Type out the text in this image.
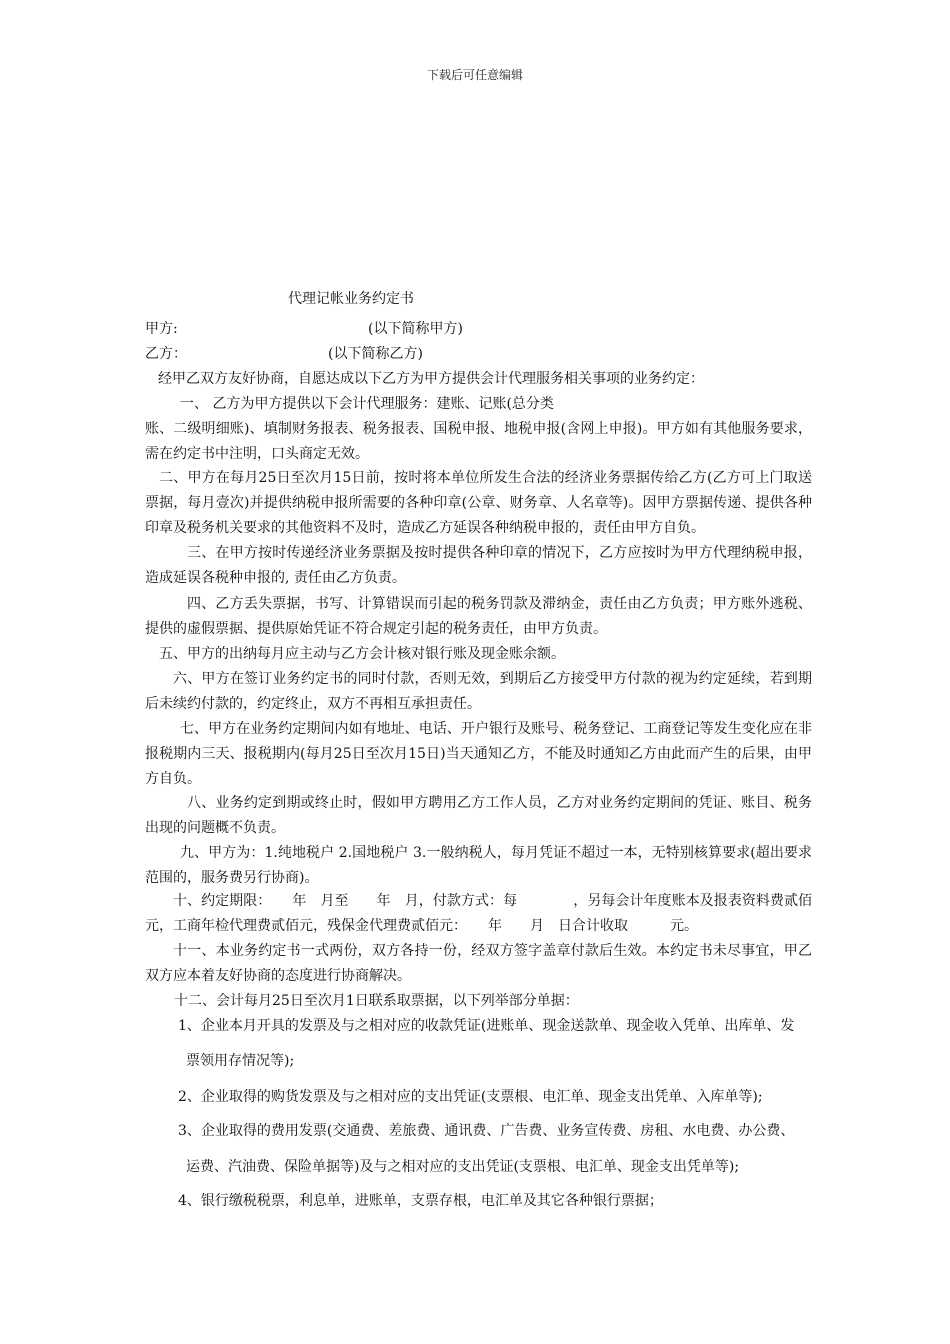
下载后可任意编辑
代理记帐业务约定书
甲方:	(以下简称甲方)
乙方：	(以下简称乙方)
经甲乙双方友好协商，自愿达成以下乙方为甲方提供会计代理服务相关事项的业务约定：
一、 乙方为甲方提供以下会计代理服务：建账、记账(总分类
账、二级明细账)、填制财务报表、税务报表、国税申报、地税申报(含网上申报)。甲方如有其他服务要求，需在约定书中注明，口头商定无效。
二、甲方在每月25日至次月15日前，按时将本单位所发生合法的经济业务票据传给乙方(乙方可上门取送票据，每月壹次)并提供纳税申报所需要的各种印章(公章、财务章、人名章等)。因甲方票据传递、提供各种印章及税务机关要求的其他资料不及时，造成乙方延误各种纳税申报的，责任由甲方自负。
三、在甲方按时传递经济业务票据及按时提供各种印章的情况下，乙方应按时为甲方代理纳税申报，造成延误各税种申报的, 责任由乙方负责。
四、乙方丢失票据，书写、计算错误而引起的税务罚款及滞纳金，责任由乙方负责；甲方账外逃税、提供的虚假票据、提供原始凭证不符合规定引起的税务责任，由甲方负责。
五、甲方的出纳每月应主动与乙方会计核对银行账及现金账余额。
六、甲方在签订业务约定书的同时付款，否则无效，到期后乙方接受甲方付款的视为约定延续，若到期后未续约付款的，约定终止，双方不再相互承担责任。
七、甲方在业务约定期间内如有地址、电话、开户银行及账号、税务登记、工商登记等发生变化应在非报税期内三天、报税期内(每月25日至次月15日)当天通知乙方，不能及时通知乙方由此而产生的后果，由甲方自负。
八、业务约定到期或终止时，假如甲方聘用乙方工作人员，乙方对业务约定期间的凭证、账目、税务出现的问题概不负责。
九、甲方为：1.纯地税户 2.国地税户 3.一般纳税人，每月凭证不超过一本，无特别核算要求(超出要求范围的，服务费另行协商)。
十、约定期限：　　年　月至　　年　月，付款方式：每　　　　，另每会计年度账本及报表资料费贰佰元，工商年检代理费贰佰元，残保金代理费贰佰元：　　年　　月　日合计收取　　　元。
十一、本业务约定书一式两份，双方各持一份，经双方签字盖章付款后生效。本约定书未尽事宜，甲乙双方应本着友好协商的态度进行协商解决。
十二、会计每月25日至次月1日联系取票据，以下列举部分单据：
1、企业本月开具的发票及与之相对应的收款凭证(进账单、现金送款单、现金收入凭单、出库单、发
票领用存情况等);
2、企业取得的购货发票及与之相对应的支出凭证(支票根、电汇单、现金支出凭单、入库单等);
3、企业取得的费用发票(交通费、差旅费、通讯费、广告费、业务宣传费、房租、水电费、办公费、
运费、汽油费、保险单据等)及与之相对应的支出凭证(支票根、电汇单、现金支出凭单等);
4、银行缴税税票，利息单，进账单，支票存根，电汇单及其它各种银行票据；
